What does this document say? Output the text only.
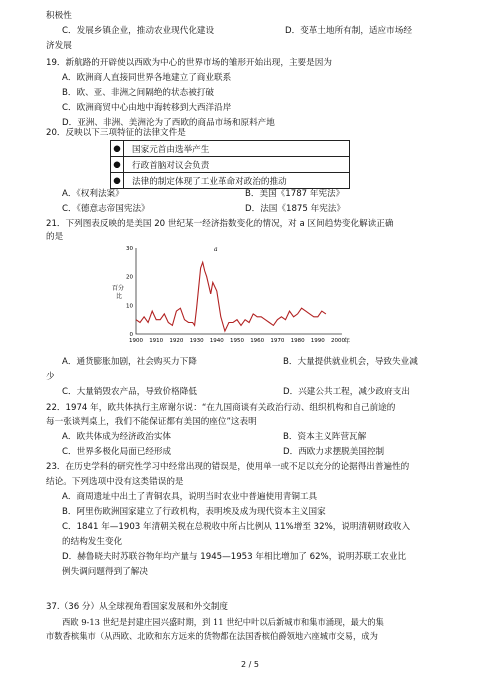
积极性
C．发展乡镇企业，推动农业现代化建设	D．变革土地所有制，适应市场经
济发展
19．新航路的开辟使以西欧为中心的世界市场的雏形开始出现，主要是因为
A．欧洲商人直接同世界各地建立了商业联系
B．欧、亚、非洲之间隔绝的状态被打破
C．欧洲商贸中心由地中海转移到大西洋沿岸
D．亚洲、非洲、美洲沦为了西欧的商品市场和原料产地
20．反映以下三项特征的法律文件是
●	国家元首由选举产生
●	行政首脑对议会负责
●	法律的制定体现了工业革命对政治的推动
A．《权利法案》	B．美国《1787 年宪法》
C．《德意志帝国宪法》	D．法国《1875 年宪法》
21．下列图表反映的是美国 20 世纪某一经济指数变化的情况，对 a 区间趋势变化解读正确
的是
0
10
20
30
1900 1910 1920 1930 1940 1950 1960 1970 1980 1990 2000
百分 比
年
a
A．通货膨胀加剧，社会购买力下降	B．大量提供就业机会，导致失业减
少
C．大量销毁农产品，导致价格降低	D．兴建公共工程，减少政府支出
22．1974 年，欧共体执行主席谢尔说：“在九国商谈有关政治行动、组织机构和自己前途的
每一张谈判桌上，我们不能保证都有美国的座位”这表明
A．欧共体成为经济政治实体	B．资本主义阵营瓦解
C．世界多极化局面已经形成	D．西欧力求摆脱美国控制
23．在历史学科的研究性学习中经常出现的错误是，使用单一或不足以充分的论据得出普遍性的
结论。下列选项中没有这类错误的是
A．商周遗址中出土了青铜农具，说明当时农业中普遍使用青铜工具
B．阿里伤欧洲国家建立了行政机构，表明埃及成为现代资本主义国家
C．1841 年—1903 年清朝关税在总税收中所占比例从 11%增至 32%，说明清朝财政收入
的结构发生变化
D．赫鲁晓夫时苏联谷物年均产量与 1945—1953 年相比增加了 62%，说明苏联工农业比
例失调问题得到了解决
37.（36 分）从全球视角看国家发展和外交制度
西欧 9-13 世纪是封建庄园兴盛时期，到 11 世纪中叶以后新城市和集市涌现，最大的集
市数香槟集市（从西欧、北欧和东方远来的货物都在法国香槟伯爵领地六座城市交易，成为
2 / 5
